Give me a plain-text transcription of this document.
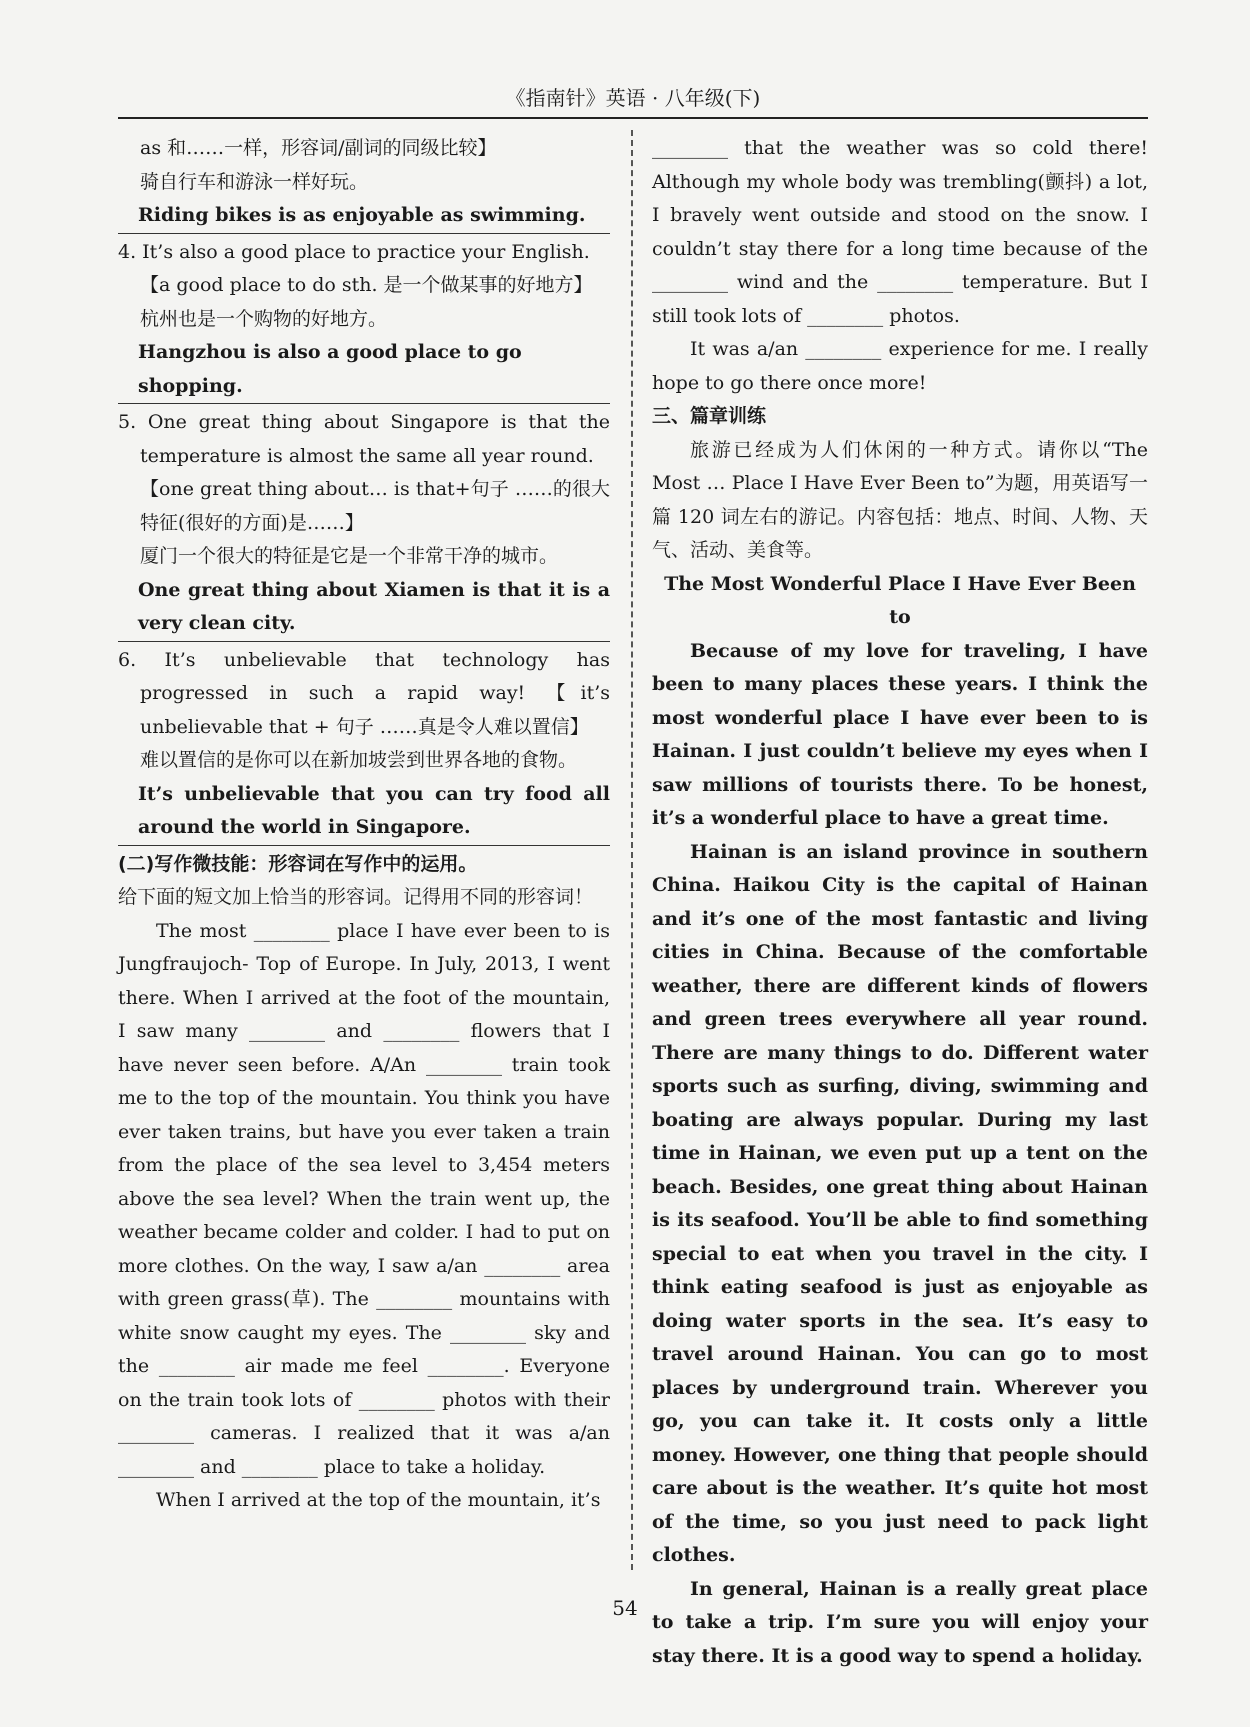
《指南针》英语 · 八年级(下)

as 和……一样，形容词/副词的同级比较】

骑自行车和游泳一样好玩。

Riding bikes is as enjoyable as swimming.

4. It’s also a good place to practice your English.

【a good place to do sth. 是一个做某事的好地方】

杭州也是一个购物的好地方。

Hangzhou is also a good place to go shopping.

5. One great thing about Singapore is that the temperature is almost the same all year round.

【one great thing about… is that+句子 ……的很大特征(很好的方面)是……】

厦门一个很大的特征是它是一个非常干净的城市。

One great thing about Xiamen is that it is a very clean city.

6. It’s unbelievable that technology has progressed in such a rapid way! 【it’s unbelievable that + 句子 ……真是令人难以置信】

难以置信的是你可以在新加坡尝到世界各地的食物。

It’s unbelievable that you can try food all around the world in Singapore.

(二)写作微技能：形容词在写作中的运用。

给下面的短文加上恰当的形容词。记得用不同的形容词！

The most ________ place I have ever been to is Jungfraujoch- Top of Europe. In July, 2013, I went there. When I arrived at the foot of the mountain, I saw many ________ and ________ flowers that I have never seen before. A/An ________ train took me to the top of the mountain. You think you have ever taken trains, but have you ever taken a train from the place of the sea level to 3,454 meters above the sea level? When the train went up, the weather became colder and colder. I had to put on more clothes. On the way, I saw a/an ________ area with green grass(草). The ________ mountains with white snow caught my eyes. The ________ sky and the ________ air made me feel ________. Everyone on the train took lots of ________ photos with their ________ cameras. I realized that it was a/an ________ and ________ place to take a holiday.

When I arrived at the top of the mountain, it’s

________ that the weather was so cold there! Although my whole body was trembling(颤抖) a lot, I bravely went outside and stood on the snow. I couldn’t stay there for a long time because of the ________ wind and the ________ temperature. But I still took lots of ________ photos.

It was a/an ________ experience for me. I really hope to go there once more!

三、篇章训练

旅游已经成为人们休闲的一种方式。请你以“The Most … Place I Have Ever Been to”为题，用英语写一篇 120 词左右的游记。内容包括：地点、时间、人物、天气、活动、美食等。

The Most Wonderful Place I Have Ever Been to

Because of my love for traveling, I have been to many places these years. I think the most wonderful place I have ever been to is Hainan. I just couldn’t believe my eyes when I saw millions of tourists there. To be honest, it’s a wonderful place to have a great time.

Hainan is an island province in southern China. Haikou City is the capital of Hainan and it’s one of the most fantastic and living cities in China. Because of the comfortable weather, there are different kinds of flowers and green trees everywhere all year round. There are many things to do. Different water sports such as surfing, diving, swimming and boating are always popular. During my last time in Hainan, we even put up a tent on the beach. Besides, one great thing about Hainan is its seafood. You’ll be able to find something special to eat when you travel in the city. I think eating seafood is just as enjoyable as doing water sports in the sea. It’s easy to travel around Hainan. You can go to most places by underground train. Wherever you go, you can take it. It costs only a little money. However, one thing that people should care about is the weather. It’s quite hot most of the time, so you just need to pack light clothes.

In general, Hainan is a really great place to take a trip. I’m sure you will enjoy your stay there. It is a good way to spend a holiday.

54
